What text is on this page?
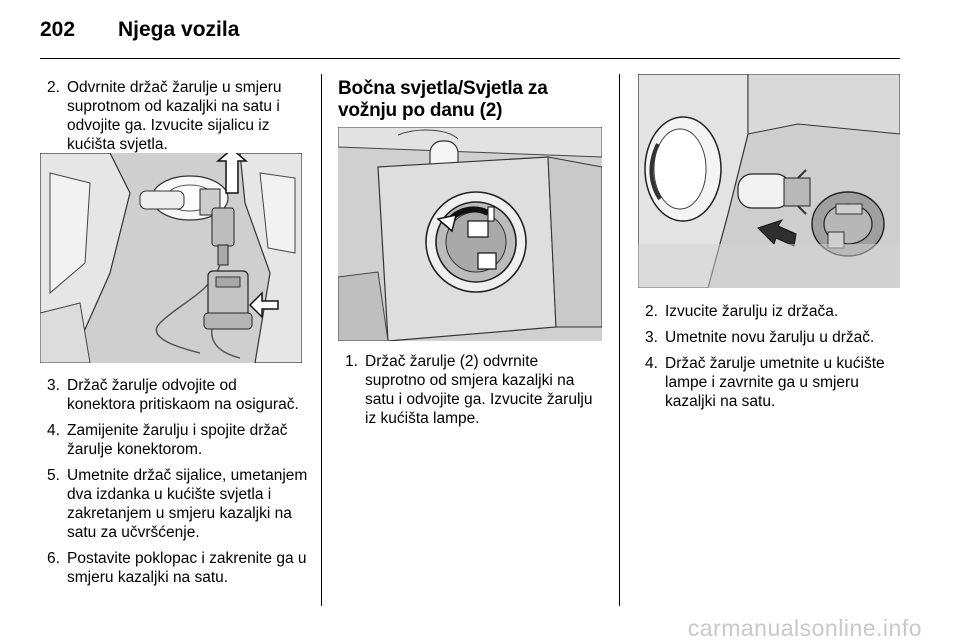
202 Njega vozila
2. Odvrnite držač žarulje u smjeru suprotnom od kazaljki na satu i odvojite ga. Izvucite sijalicu iz kućišta svjetla.
3. Držač žarulje odvojite od konektora pritiskaom na osigurač.
4. Zamijenite žarulju i spojite držač žarulje konektorom.
5. Umetnite držač sijalice, umetanjem dva izdanka u kućište svjetla i zakretanjem u smjeru kazaljki na satu za učvršćenje.
6. Postavite poklopac i zakrenite ga u smjeru kazaljki na satu.
Bočna svjetla/Svjetla za vožnju po danu (2)
1. Držač žarulje (2) odvrnite suprotno od smjera kazaljki na satu i odvojite ga. Izvucite žarulju iz kućišta lampe.
2. Izvucite žarulju iz držača.
3. Umetnite novu žarulju u držač.
4. Držač žarulje umetnite u kućište lampe i zavrnite ga u smjeru kazaljki na satu.
carmanualsonline.info
